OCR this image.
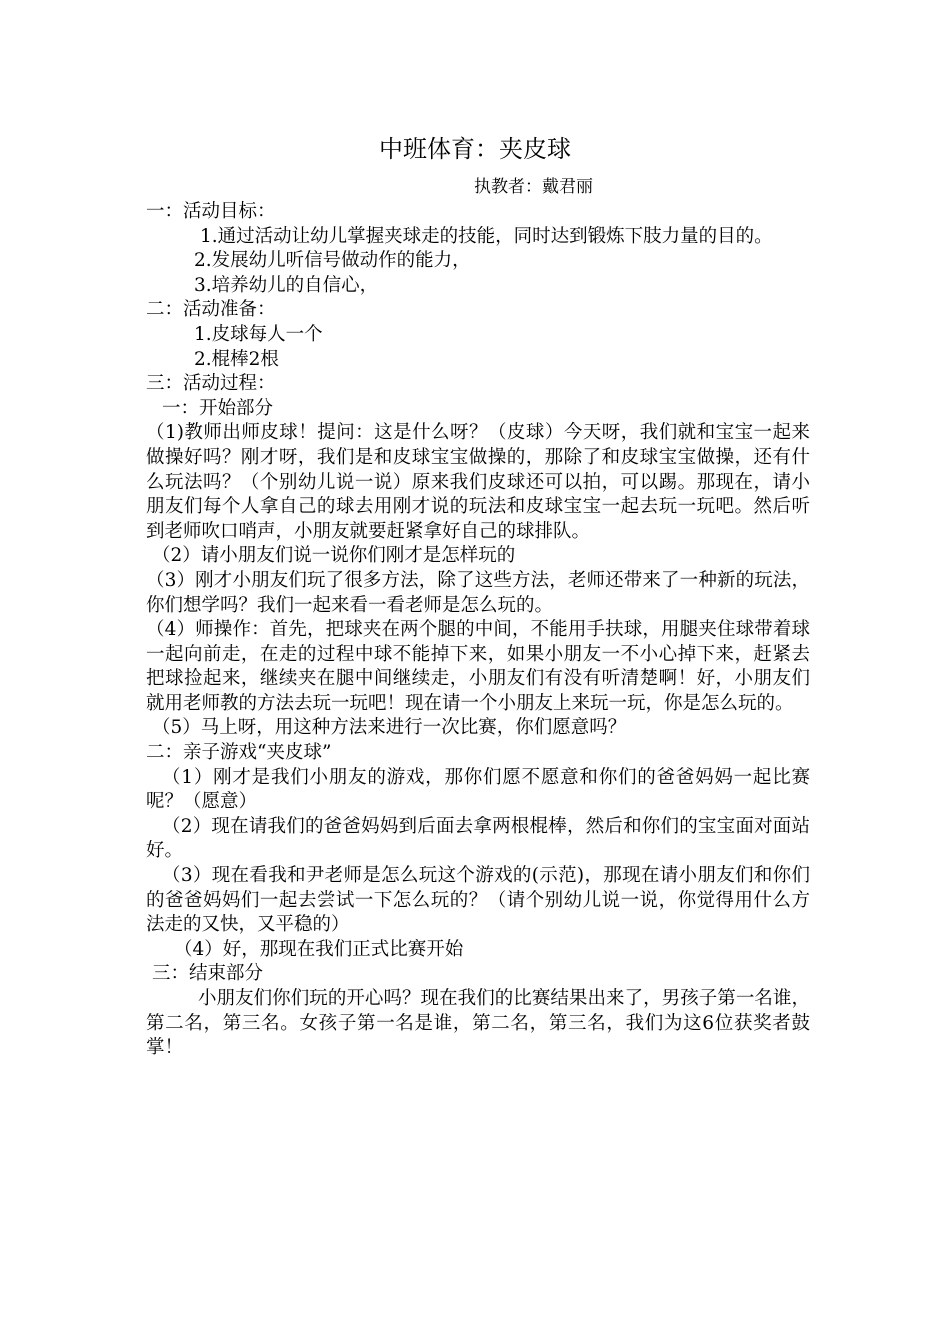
中班体育：夹皮球
执教者：戴君丽

一：活动目标：

1.通过活动让幼儿掌握夹球走的技能，同时达到锻炼下肢力量的目的。

2.发展幼儿听信号做动作的能力，

3.培养幼儿的自信心，

二：活动准备：

1.皮球每人一个

2.棍棒2根

三：活动过程：

一：开始部分

（1)教师出师皮球！提问：这是什么呀？（皮球）今天呀，我们就和宝宝一起来做操好吗？刚才呀，我们是和皮球宝宝做操的，那除了和皮球宝宝做操，还有什么玩法吗？（个别幼儿说一说）原来我们皮球还可以拍，可以踢。那现在，请小朋友们每个人拿自己的球去用刚才说的玩法和皮球宝宝一起去玩一玩吧。然后听到老师吹口哨声，小朋友就要赶紧拿好自己的球排队。

（2）请小朋友们说一说你们刚才是怎样玩的

（3）刚才小朋友们玩了很多方法，除了这些方法，老师还带来了一种新的玩法，你们想学吗？我们一起来看一看老师是怎么玩的。

（4）师操作：首先，把球夹在两个腿的中间，不能用手扶球，用腿夹住球带着球一起向前走，在走的过程中球不能掉下来，如果小朋友一不小心掉下来，赶紧去把球捡起来，继续夹在腿中间继续走，小朋友们有没有听清楚啊！好，小朋友们就用老师教的方法去玩一玩吧！现在请一个小朋友上来玩一玩，你是怎么玩的。

（5）马上呀，用这种方法来进行一次比赛，你们愿意吗？

二：亲子游戏“夹皮球”

（1）刚才是我们小朋友的游戏，那你们愿不愿意和你们的爸爸妈妈一起比赛呢？（愿意）

（2）现在请我们的爸爸妈妈到后面去拿两根棍棒，然后和你们的宝宝面对面站好。

（3）现在看我和尹老师是怎么玩这个游戏的(示范)，那现在请小朋友们和你们的爸爸妈妈们一起去尝试一下怎么玩的？（请个别幼儿说一说，你觉得用什么方法走的又快，又平稳的）

（4）好，那现在我们正式比赛开始

三：结束部分

小朋友们你们玩的开心吗？现在我们的比赛结果出来了，男孩子第一名谁，第二名，第三名。女孩子第一名是谁，第二名，第三名，我们为这6位获奖者鼓掌！
